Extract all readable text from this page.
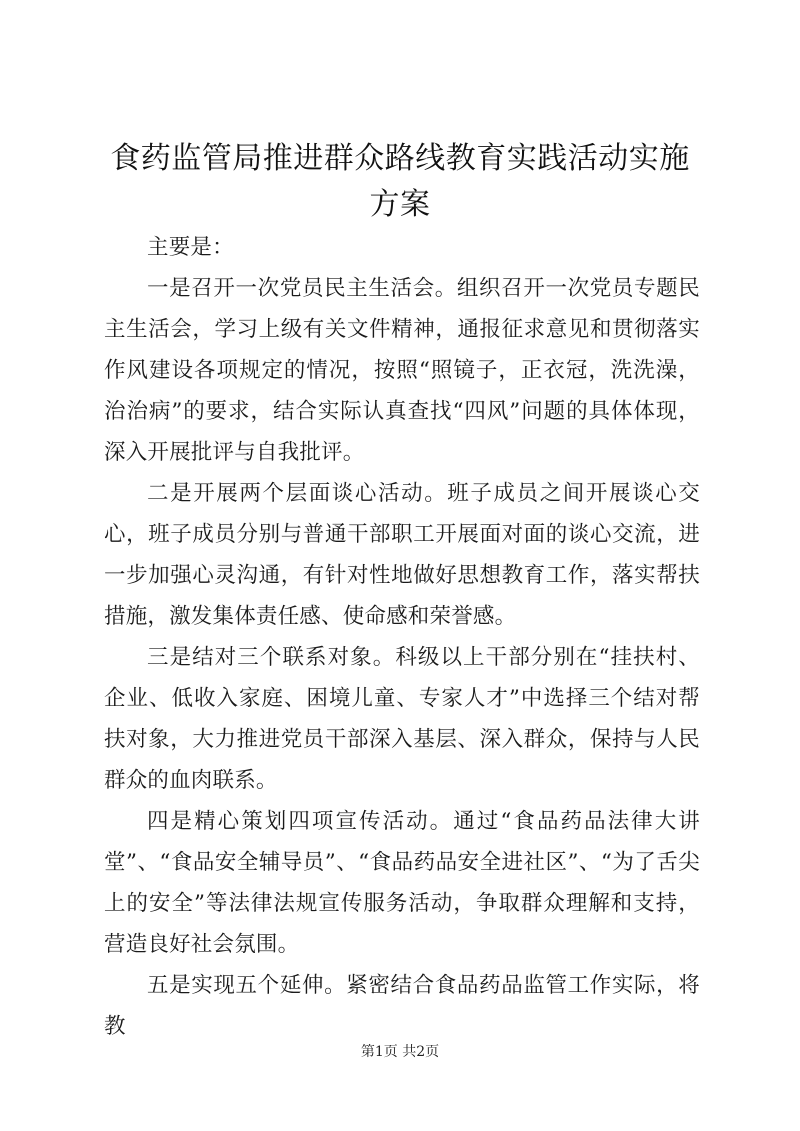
食药监管局推进群众路线教育实践活动实施方案

主要是：

一是召开一次党员民主生活会。组织召开一次党员专题民主生活会，学习上级有关文件精神，通报征求意见和贯彻落实作风建设各项规定的情况，按照“照镜子，正衣冠，洗洗澡，治治病”的要求，结合实际认真查找“四风”问题的具体体现，深入开展批评与自我批评。

二是开展两个层面谈心活动。班子成员之间开展谈心交心，班子成员分别与普通干部职工开展面对面的谈心交流，进一步加强心灵沟通，有针对性地做好思想教育工作，落实帮扶措施，激发集体责任感、使命感和荣誉感。

三是结对三个联系对象。科级以上干部分别在“挂扶村、企业、低收入家庭、困境儿童、专家人才”中选择三个结对帮扶对象，大力推进党员干部深入基层、深入群众，保持与人民群众的血肉联系。

四是精心策划四项宣传活动。通过“食品药品法律大讲堂”、“食品安全辅导员”、“食品药品安全进社区”、“为了舌尖上的安全”等法律法规宣传服务活动，争取群众理解和支持，营造良好社会氛围。

五是实现五个延伸。紧密结合食品药品监管工作实际，将教

第1页 共2页
